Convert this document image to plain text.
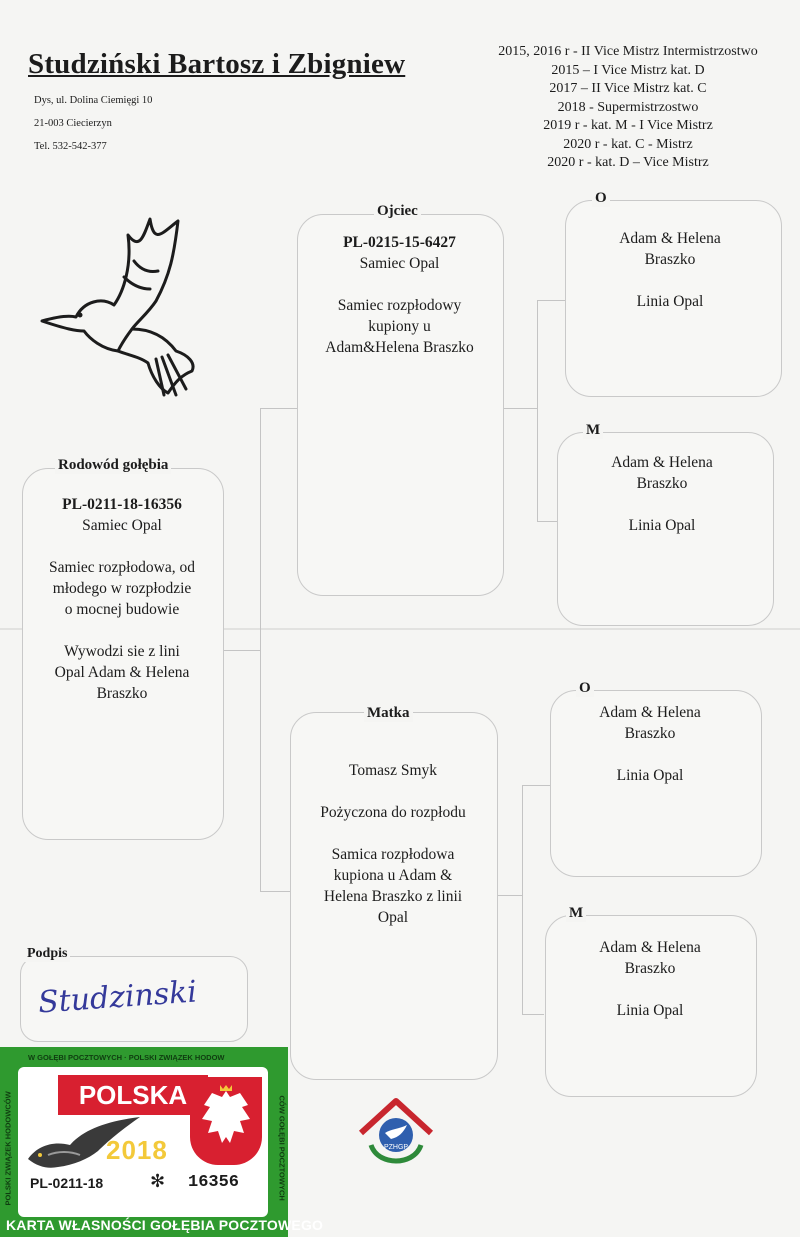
Studziński Bartosz i Zbigniew
Dys, ul. Dolina Ciemięgi 10
21-003 Ciecierzyn
Tel. 532-542-377
2015, 2016 r - II Vice Mistrz Intermistrzostwo
2015 – I Vice Mistrz kat. D
2017 – II Vice Mistrz kat. C
2018 - Supermistrzostwo
2019 r - kat. M - I Vice Mistrz
2020 r - kat. C - Mistrz
2020 r - kat. D – Vice Mistrz
Rodowód gołębia
PL-0211-18-16356
Samiec Opal
Samiec rozpłodowa, od
młodego w rozpłodzie
o mocnej budowie
Wywodzi sie z lini
Opal Adam & Helena
Braszko
Ojciec
PL-0215-15-6427
Samiec Opal
Samiec rozpłodowy
kupiony u
Adam&Helena Braszko
Matka
Tomasz Smyk
Pożyczona do rozpłodu
Samica rozpłodowa
kupiona u Adam &
Helena Braszko z linii
Opal
O
Adam & Helena
Braszko
Linia Opal
M
Adam & Helena
Braszko
Linia Opal
O
Adam & Helena
Braszko
Linia Opal
M
Adam & Helena
Braszko
Linia Opal
Podpis
Studzinski
PZHGP
W GOŁĘBI POCZTOWYCH · POLSKI ZWIĄZEK HODOW
POLSKI ZWIĄZEK HODOWCÓW	CÓW GOŁĘBI POCZTOWYCH
POLSKA
2018
PL-0211-18	✻ 16356
KARTA WŁASNOŚCI GOŁĘBIA POCZTOWEGO
